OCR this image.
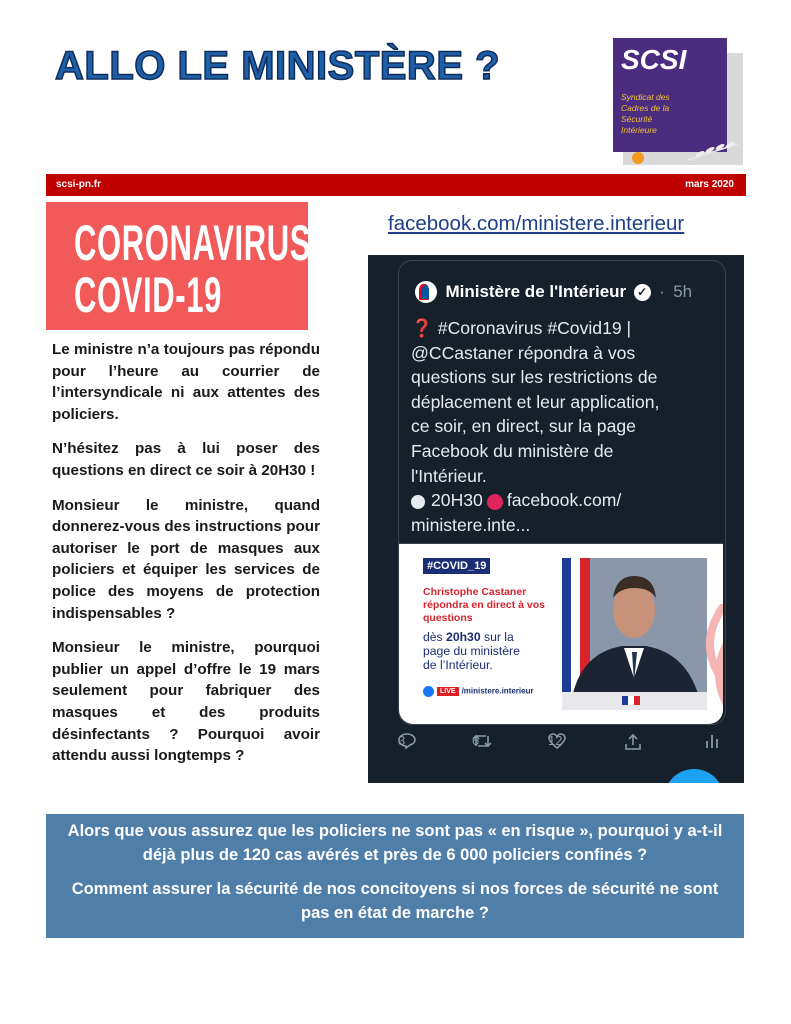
ALLO LE MINISTÈRE ?	SCSI
Syndicat des
Cadres de la
Sécurité
Intérieure
scsi-pn.fr	mars 2020
CORONAVIRUS
COVID-19

Le ministre n’a toujours pas répondu pour l’heure au courrier de l’intersyndicale ni aux attentes des policiers.

N’hésitez pas à lui poser des questions en direct ce soir à 20H30 !

Monsieur le ministre, quand donnerez-vous des instructions pour autoriser le port de masques aux policiers et équiper les services de police des moyens de protection indispensables ?

Monsieur le ministre, pourquoi publier un appel d’offre le 19 mars seulement pour fabriquer des masques et des produits désinfectants ? Pourquoi avoir attendu aussi longtemps ?

facebook.com/ministere.interieur
Ministère de l'Intérieur ✓ · 5h
❓ #Coronavirus #Covid19 |
@CCastaner répondra à vos
questions sur les restrictions de
déplacement et leur application,
ce soir, en direct, sur la page
Facebook du ministère de
l'Intérieur.
20H30 facebook.com/
ministere.inte...
#COVID_19
Christophe Castaner
répondra en direct à vos
questions
dès 20h30 sur la
page du ministère
de l’Intérieur.
LIVE /ministere.interieur
3	6	12

Alors que vous assurez que les policiers ne sont pas « en risque », pourquoi y a-t-il déjà plus de 120 cas avérés et près de 6 000 policiers confinés ?

Comment assurer la sécurité de nos concitoyens si nos forces de sécurité ne sont pas en état de marche ?
